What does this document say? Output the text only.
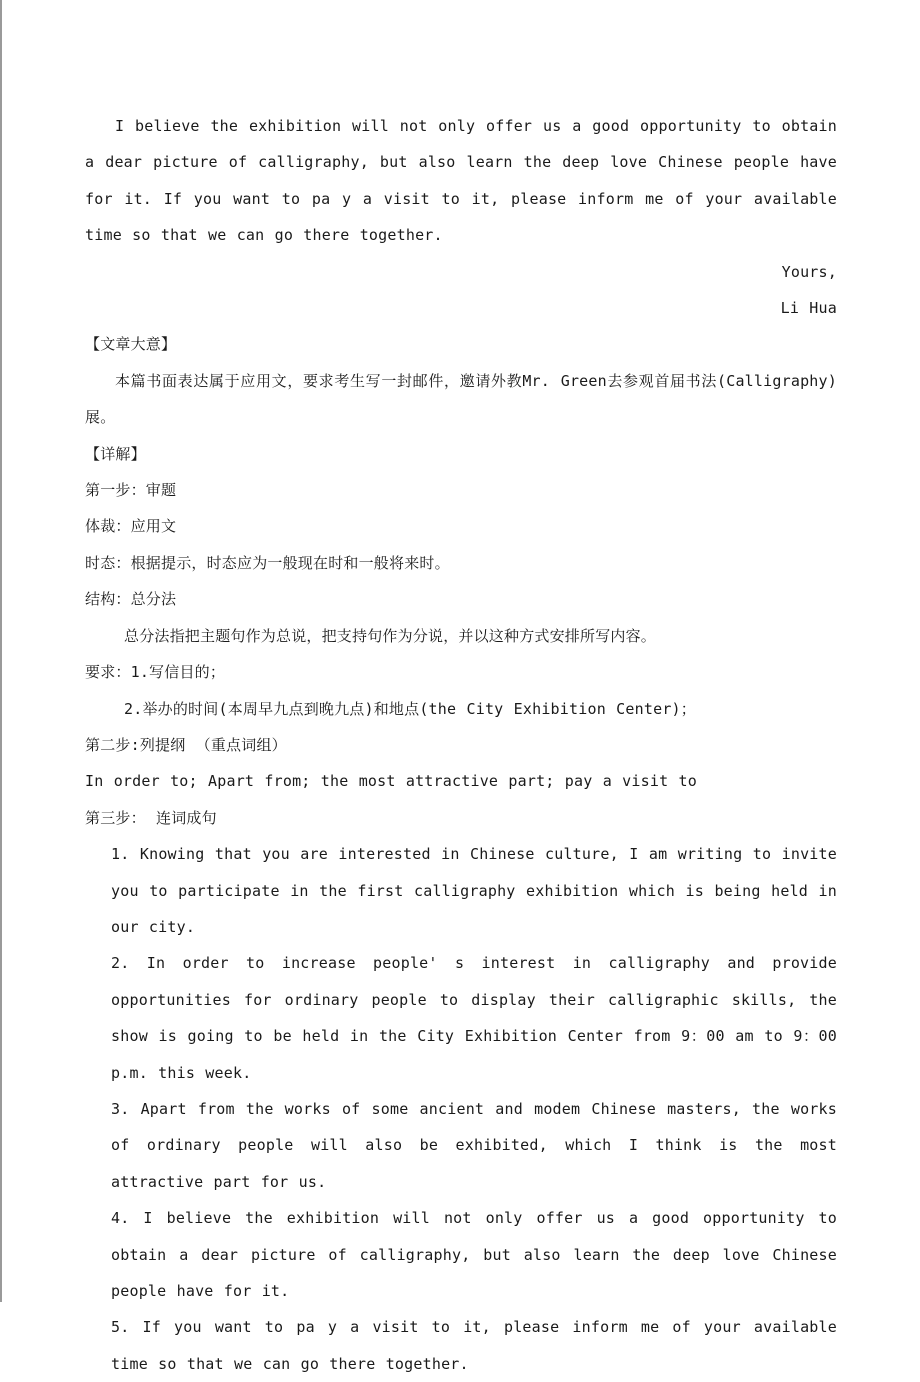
I believe the exhibition will not only offer us a good opportunity to obtain a dear picture of calligraphy, but also learn the deep love Chinese people have for it. If you want to pa y a visit to it, please inform me of your available time so that we can go there together.

Yours,

Li Hua

【文章大意】

本篇书面表达属于应用文，要求考生写一封邮件，邀请外教Mr. Green去参观首届书法(Calligraphy)展。

【详解】

第一步：审题

体裁：应用文

时态：根据提示，时态应为一般现在时和一般将来时。

结构：总分法

总分法指把主题句作为总说，把支持句作为分说，并以这种方式安排所写内容。

要求：1.写信目的；

2.举办的时间(本周早九点到晚九点)和地点(the City Exhibition Center)；

第二步:列提纲 （重点词组）

In order to; Apart from; the most attractive part; pay a visit to

第三步： 连词成句

1. Knowing that you are interested in Chinese culture, I am writing to invite you to participate in the first calligraphy exhibition which is being held in our city.

2. In order to increase people' s interest in calligraphy and provide opportunities for ordinary people to display their calligraphic skills, the show is going to be held in the City Exhibition Center from 9：00 am to 9：00 p.m. this week.

3. Apart from the works of some ancient and modem Chinese masters, the works of ordinary people will also be exhibited, which I think is the most attractive part for us.

4. I believe the exhibition will not only offer us a good opportunity to obtain a dear picture of calligraphy, but also learn the deep love Chinese people have for it.

5. If you want to pa y a visit to it, please inform me of your available time so that we can go there together.
